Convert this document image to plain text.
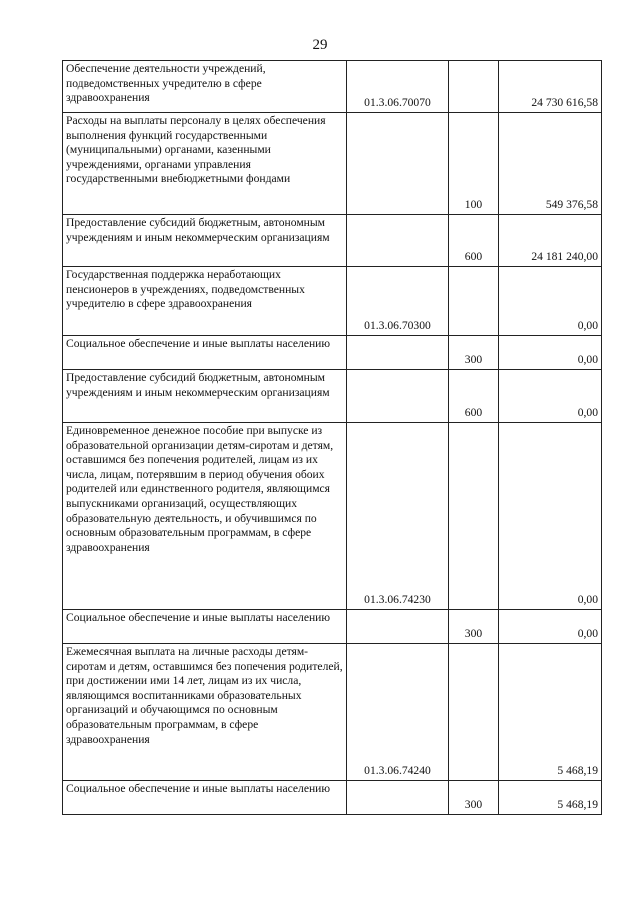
29
Обеспечение деятельности учреждений, подведомственных учредителю в сфере здравоохранения	01.3.06.70070		24 730 616,58
Расходы на выплаты персоналу в целях обеспечения выполнения функций государственными (муниципальными) органами, казенными учреждениями, органами управления государственными внебюджетными фондами		100	549 376,58
Предоставление субсидий бюджетным, автономным учреждениям и иным некоммерческим организациям		600	24 181 240,00
Государственная поддержка неработающих пенсионеров в учреждениях, подведомственных учредителю в сфере здравоохранения	01.3.06.70300		0,00
Социальное обеспечение и иные выплаты населению		300	0,00
Предоставление субсидий бюджетным, автономным учреждениям и иным некоммерческим организациям		600	0,00
Единовременное денежное пособие при выпуске из образовательной организации детям-сиротам и детям, оставшимся без попечения родителей, лицам из их числа, лицам, потерявшим в период обучения обоих родителей или единственного родителя, являющимся выпускниками организаций, осуществляющих образовательную деятельность, и обучившимся по основным образовательным программам, в сфере здравоохранения	01.3.06.74230		0,00
Социальное обеспечение и иные выплаты населению		300	0,00
Ежемесячная выплата на личные расходы детям-сиротам и детям, оставшимся без попечения родителей, при достижении ими 14 лет, лицам из их числа, являющимся воспитанниками образовательных организаций и обучающимся по основным образовательным программам, в сфере здравоохранения	01.3.06.74240		5 468,19
Социальное обеспечение и иные выплаты населению		300	5 468,19
